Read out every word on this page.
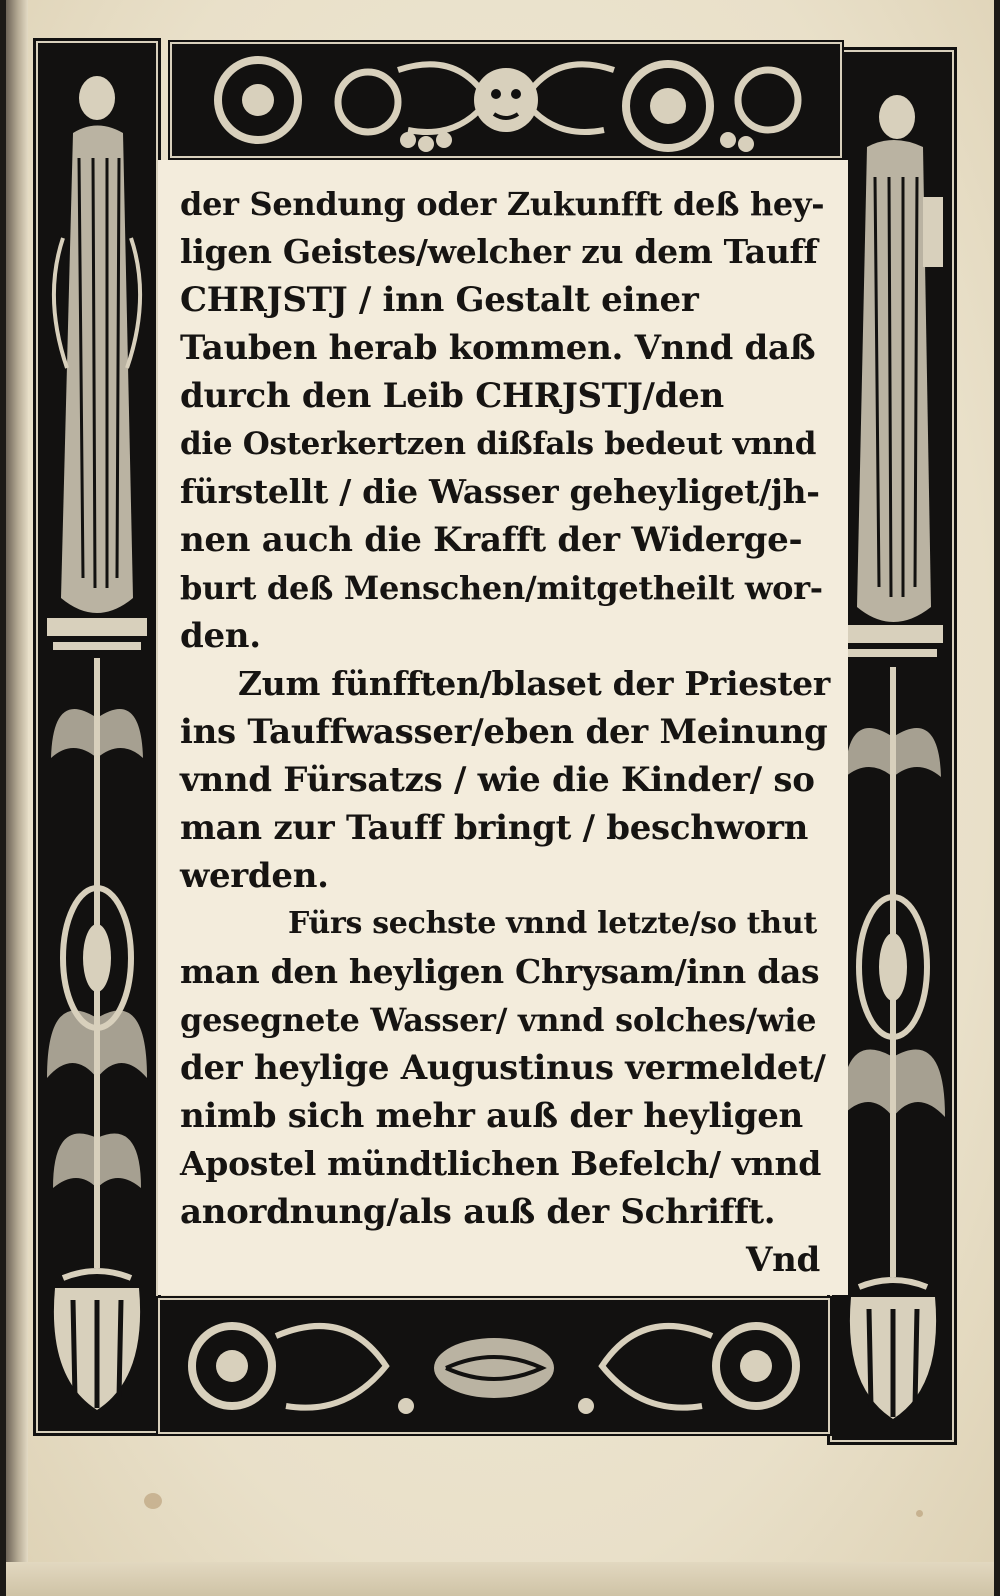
der Sendung oder Zukunfft deß hey-
ligen Geistes/welcher zu dem Tauff
CHRJSTJ / inn Gestalt einer
Tauben herab kommen. Vnnd daß
durch den Leib CHRJSTJ/den
die Osterkertzen dißfals bedeut vnnd
fürstellt / die Wasser geheyliget/jh-
nen auch die Krafft der Widerge-
burt deß Menschen/mitgetheilt wor-
den.
Zum fünfften/blaset der Priester
ins Tauffwasser/eben der Meinung
vnnd Fürsatzs / wie die Kinder/ so
man zur Tauff bringt / beschworn
werden.
Fürs sechste vnnd letzte/so thut
man den heyligen Chrysam/inn das
gesegnete Wasser/ vnnd solches/wie
der heylige Augustinus vermeldet/
nimb sich mehr auß der heyligen
Apostel mündtlichen Befelch/ vnnd
anordnung/als auß der Schrifft.
Vnd
